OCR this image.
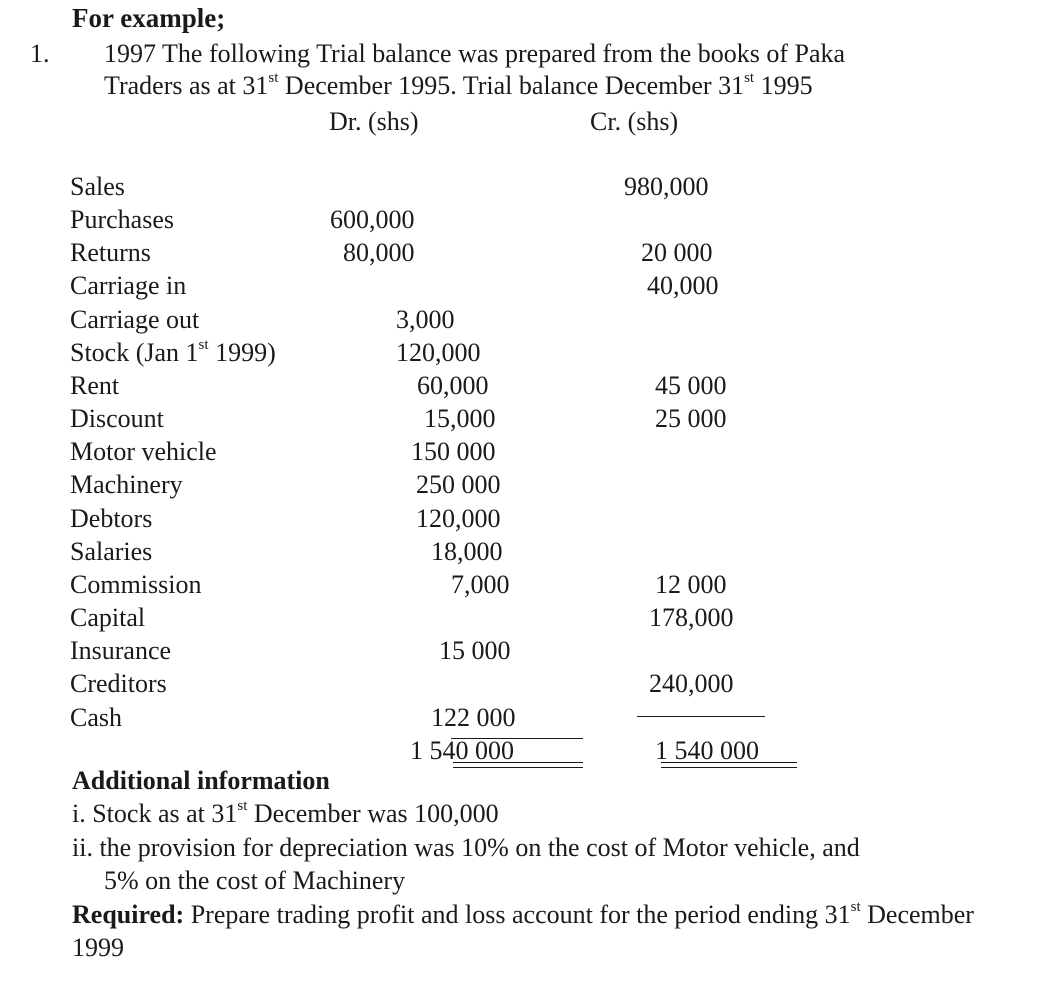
For example;
1. 1997 The following Trial balance was prepared from the books of Paka
Traders as at 31st December 1995. Trial balance December 31st 1995
Dr. (shs)	Cr. (shs)
Sales
Purchases
Returns
Carriage in
Carriage out
Stock (Jan 1st 1999)
Rent
Discount
Motor vehicle
Machinery
Debtors
Salaries
Commission
Capital
Insurance
Creditors
Cash
600,000
80,000
3,000
120,000
60,000
15,000
150 000
250 000
120,000
18,000
7,000
15 000
122 000
980,000
20 000
40,000
45 000
25 000
12 000
178,000
240,000
1 540 000	1 540 000
Additional information
i. Stock as at 31st December was 100,000
ii. the provision for depreciation was 10% on the cost of Motor vehicle, and
5% on the cost of Machinery
Required: Prepare trading profit and loss account for the period ending 31st December
1999
